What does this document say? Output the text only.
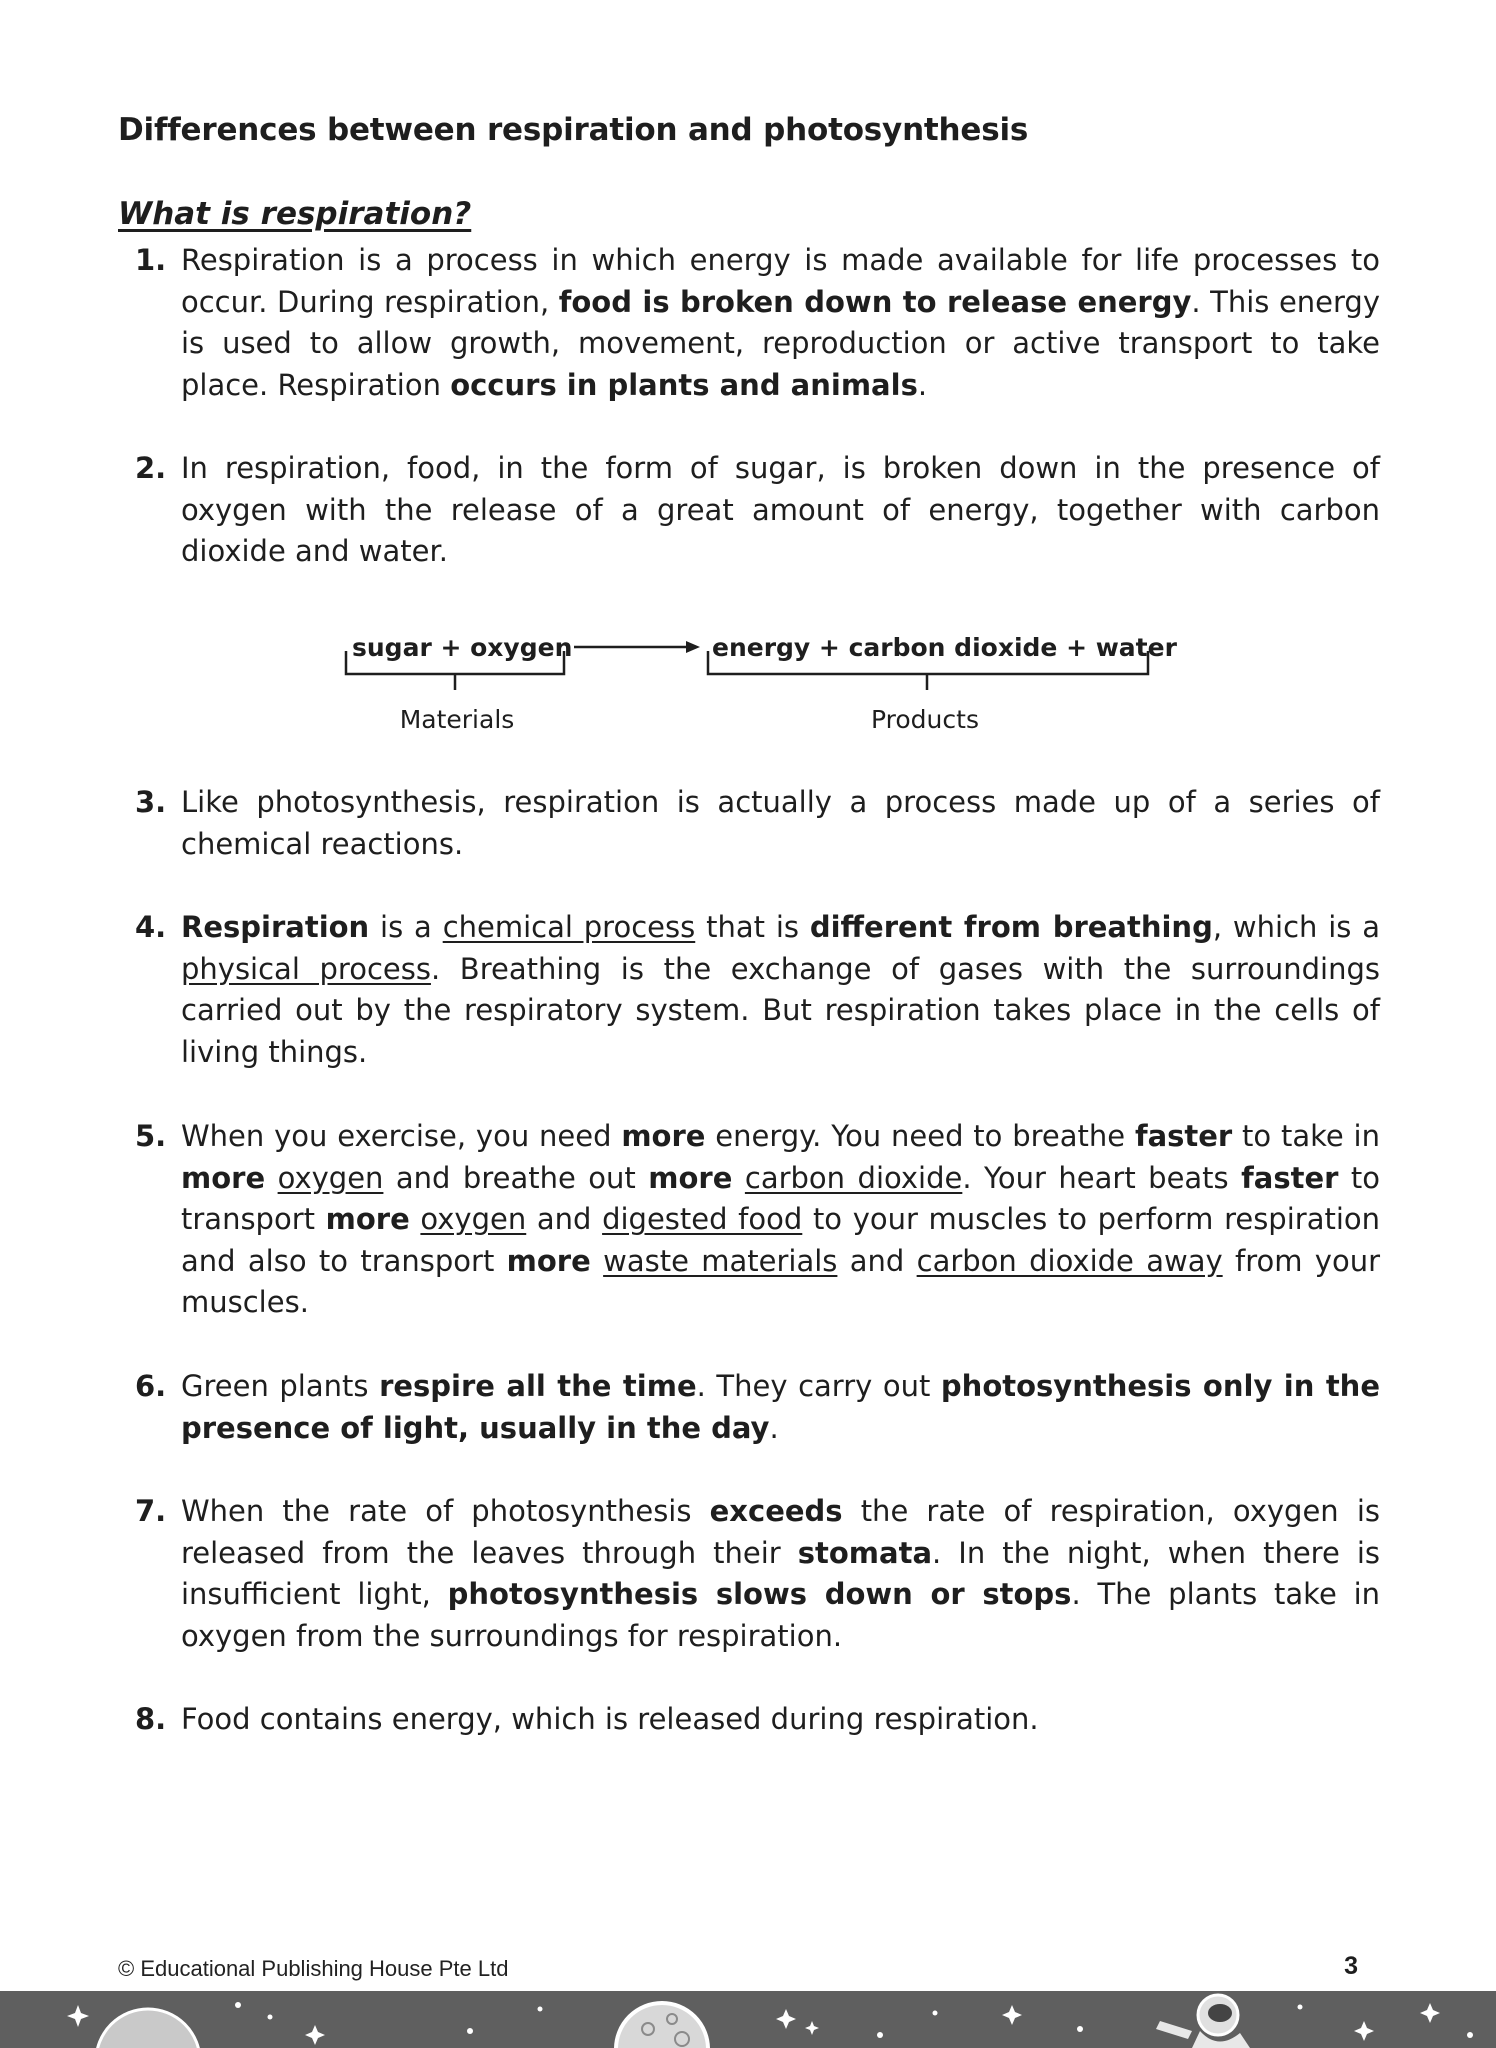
Differences between respiration and photosynthesis
What is respiration?
1. Respiration is a process in which energy is made available for life processes to occur. During respiration, food is broken down to release energy. This energy is used to allow growth, movement, reproduction or active transport to take place. Respiration occurs in plants and animals.
2. In respiration, food, in the form of sugar, is broken down in the presence of oxygen with the release of a great amount of energy, together with carbon dioxide and water.
sugar + oxygen	energy + carbon dioxide + water
Materials	Products
3. Like photosynthesis, respiration is actually a process made up of a series of chemical reactions.
4. Respiration is a chemical process that is different from breathing, which is a physical process. Breathing is the exchange of gases with the surroundings carried out by the respiratory system. But respiration takes place in the cells of living things.
5. When you exercise, you need more energy. You need to breathe faster to take in more oxygen and breathe out more carbon dioxide. Your heart beats faster to transport more oxygen and digested food to your muscles to perform respiration and also to transport more waste materials and carbon dioxide away from your muscles.
6. Green plants respire all the time. They carry out photosynthesis only in the presence of light, usually in the day.
7. When the rate of photosynthesis exceeds the rate of respiration, oxygen is released from the leaves through their stomata. In the night, when there is insufficient light, photosynthesis slows down or stops. The plants take in oxygen from the surroundings for respiration.
8. Food contains energy, which is released during respiration.
© Educational Publishing House Pte Ltd	3
